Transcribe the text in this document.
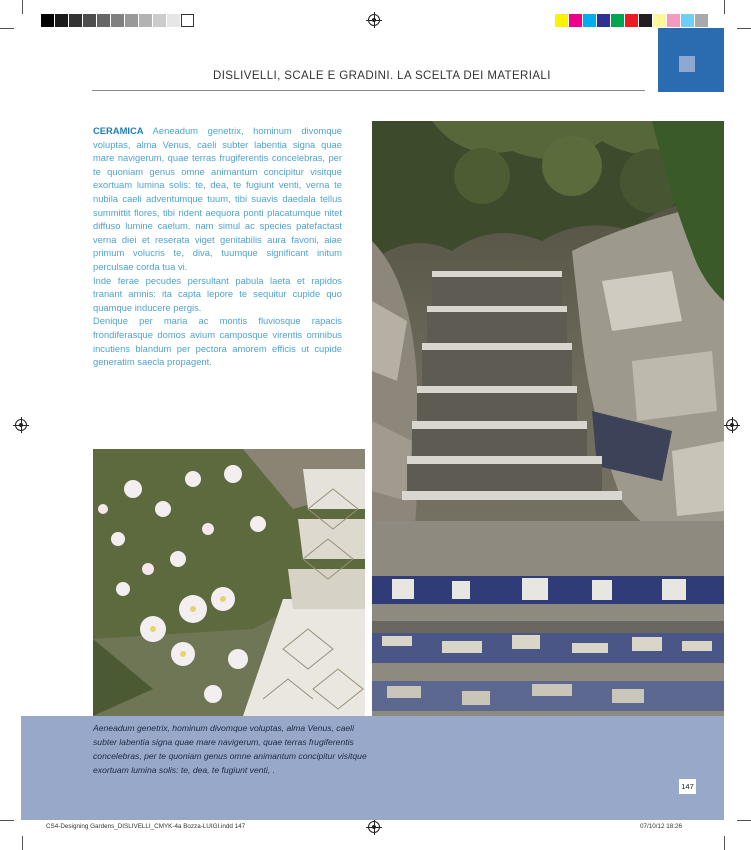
DISLIVELLI, SCALE E GRADINI. LA SCELTA DEI MATERIALI

CERAMICA Aeneadum genetrix, hominum divomque voluptas, alma Venus, caeli subter labentia signa quae mare navigerum, quae terras frugiferentis concelebras, per te quoniam genus omne animantum concipitur visitque exortuam lumina solis: te, dea, te fugiunt venti, verna te nubila caeli adventumque tuum, tibi suavis daedala tellus summittit flores, tibi rident aequora ponti placatumque nitet diffuso lumine caelum. nam simul ac species patefactast verna diei et reserata viget genitabilis aura favoni, aiae primum volucris te, diva, tuumque significant initum perculsae corda tua vi.

Inde ferae pecudes persultant pabula laeta et rapidos tranant amnis: ita capta lepore te sequitur cupide quo quamque inducere pergis.

Denique per maria ac montis fluviosque rapacis frondiferasque domos avium camposque virentis omnibus incutiens blandum per pectora amorem efficis ut cupide generatim saecla propagent.

Aeneadum genetrix, hominum divomque voluptas, alma Venus, caeli subter labentia signa quae mare navigerum, quae terras frugiferentis concelebras, per te quoniam genus omne animantum concipitur visitque exortuam lumina solis: te, dea, te fugiunt venti, .
147
CS4-Designing Gardens_DISLIVELLI_CMYK-4a Bozza-LUIGI.indd 147	07/10/12 18:26
